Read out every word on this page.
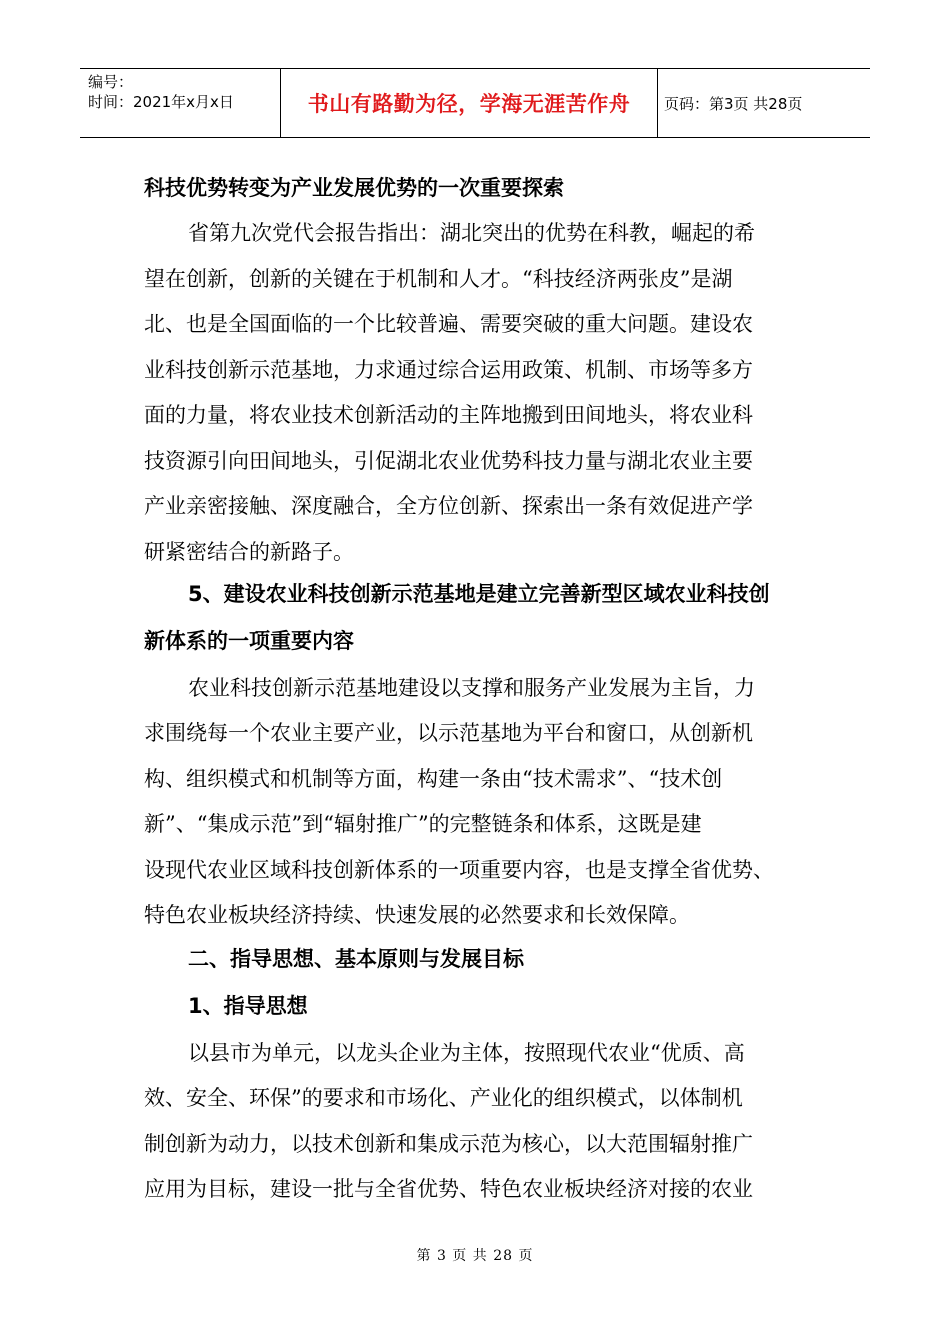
编号：
时间：2021年x月x日	书山有路勤为径，学海无涯苦作舟	页码：第3页 共28页
科技优势转变为产业发展优势的一次重要探索
省第九次党代会报告指出：湖北突出的优势在科教，崛起的希
望在创新，创新的关键在于机制和人才。“科技经济两张皮”是湖
北、也是全国面临的一个比较普遍、需要突破的重大问题。建设农
业科技创新示范基地，力求通过综合运用政策、机制、市场等多方
面的力量，将农业技术创新活动的主阵地搬到田间地头，将农业科
技资源引向田间地头，引促湖北农业优势科技力量与湖北农业主要
产业亲密接触、深度融合，全方位创新、探索出一条有效促进产学
研紧密结合的新路子。
5、建设农业科技创新示范基地是建立完善新型区域农业科技创
新体系的一项重要内容
农业科技创新示范基地建设以支撑和服务产业发展为主旨，力
求围绕每一个农业主要产业，以示范基地为平台和窗口，从创新机
构、组织模式和机制等方面，构建一条由“技术需求”、“技术创
新”、“集成示范”到“辐射推广”的完整链条和体系，这既是建
设现代农业区域科技创新体系的一项重要内容，也是支撑全省优势、
特色农业板块经济持续、快速发展的必然要求和长效保障。
二、指导思想、基本原则与发展目标
1、指导思想
以县市为单元，以龙头企业为主体，按照现代农业“优质、高
效、安全、环保”的要求和市场化、产业化的组织模式，以体制机
制创新为动力，以技术创新和集成示范为核心，以大范围辐射推广
应用为目标，建设一批与全省优势、特色农业板块经济对接的农业
第 3 页 共 28 页
